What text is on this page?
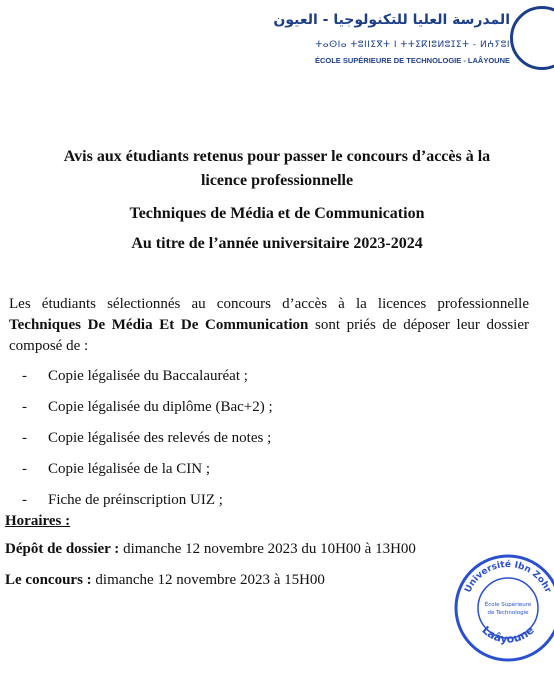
المدرسة العليا للتكنولوجيا - العيون
ⵜⴰⵙⵏⴰ ⵜⵓⵏⵏⵉⴳⵜ ⵏ ⵜⵜⵉⴽⵏⵓⵍⵓⵊⵉⵜ - ⵍⵄⵢⵓⵏ
ÉCOLE SUPÉRIEURE DE TECHNOLOGIE - LAÂYOUNE
Avis aux étudiants retenus pour passer le concours d’accès à la
licence professionnelle
Techniques de Média et de Communication
Au titre de l’année universitaire 2023-2024
Les étudiants sélectionnés au concours d’accès à la licences professionnelle Techniques De Média Et De Communication sont priés de déposer leur dossier composé de :
-	Copie légalisée du Baccalauréat ;
-	Copie légalisée du diplôme (Bac+2) ;
-	Copie légalisée des relevés de notes ;
-	Copie légalisée de la CIN ;
-	Fiche de préinscription UIZ ;
Horaires :
Dépôt de dossier : dimanche 12 novembre 2023 du 10H00 à 13H00
Le concours : dimanche 12 novembre 2023 à 15H00
Université Ibn Zohr
Laâyoune
École Supérieure
de Technologie
